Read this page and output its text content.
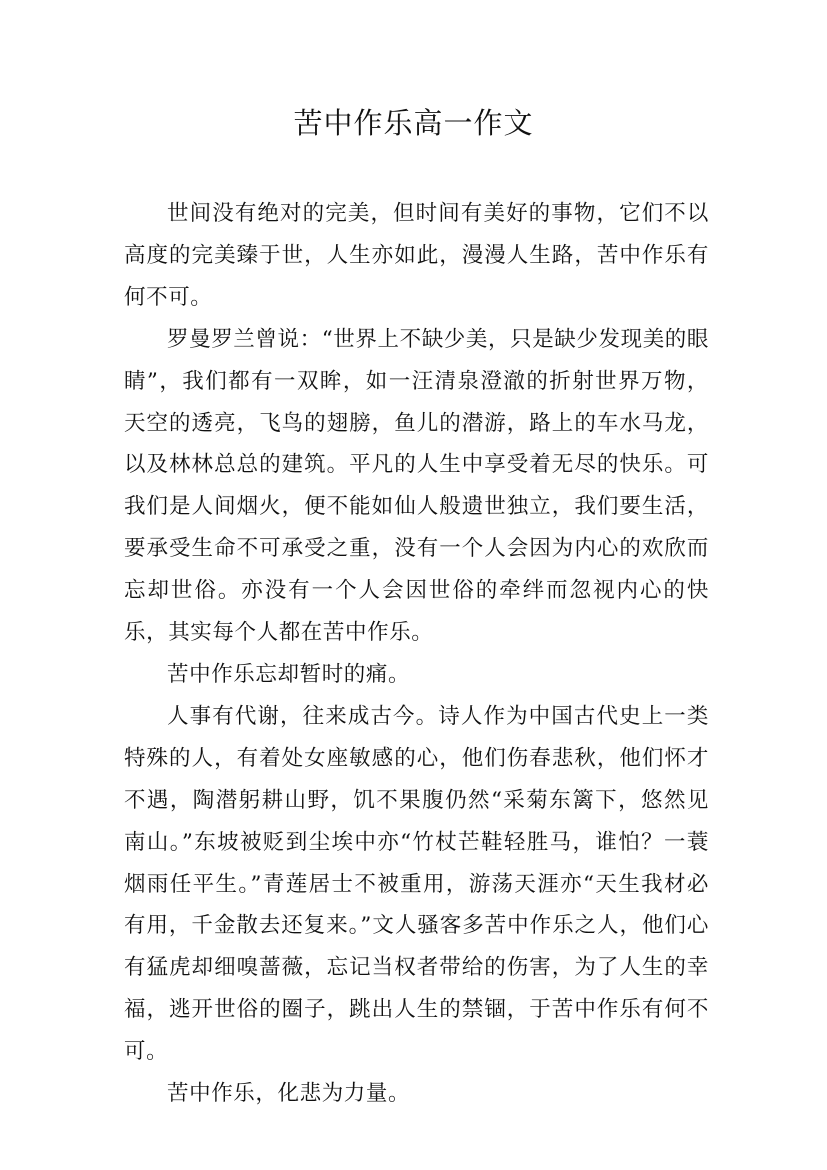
苦中作乐高一作文

世间没有绝对的完美，但时间有美好的事物，它们不以高度的完美臻于世，人生亦如此，漫漫人生路，苦中作乐有何不可。

罗曼罗兰曾说：“世界上不缺少美，只是缺少发现美的眼睛”，我们都有一双眸，如一汪清泉澄澈的折射世界万物，天空的透亮，飞鸟的翅膀，鱼儿的潜游，路上的车水马龙，以及林林总总的建筑。平凡的人生中享受着无尽的快乐。可我们是人间烟火，便不能如仙人般遗世独立，我们要生活，要承受生命不可承受之重，没有一个人会因为内心的欢欣而忘却世俗。亦没有一个人会因世俗的牵绊而忽视内心的快乐，其实每个人都在苦中作乐。

苦中作乐忘却暂时的痛。

人事有代谢，往来成古今。诗人作为中国古代史上一类特殊的人，有着处女座敏感的心，他们伤春悲秋，他们怀才不遇，陶潜躬耕山野，饥不果腹仍然“采菊东篱下，悠然见南山。”东坡被贬到尘埃中亦“竹杖芒鞋轻胜马，谁怕？一蓑烟雨任平生。”青莲居士不被重用，游荡天涯亦“天生我材必有用，千金散去还复来。”文人骚客多苦中作乐之人，他们心有猛虎却细嗅蔷薇，忘记当权者带给的伤害，为了人生的幸福，逃开世俗的圈子，跳出人生的禁锢，于苦中作乐有何不可。

苦中作乐，化悲为力量。
